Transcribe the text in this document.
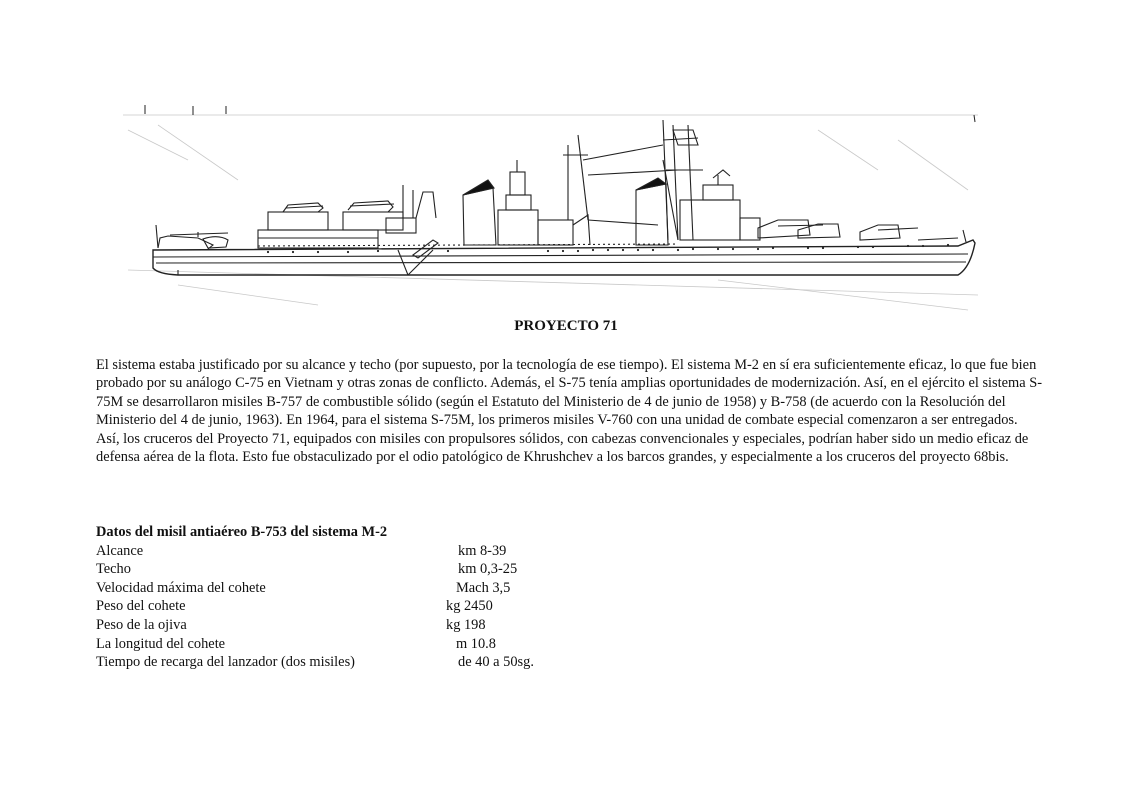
PROYECTO 71

El sistema estaba justificado por su alcance y techo (por supuesto, por la tecnología de ese tiempo). El sistema M-2 en sí era suficientemente eficaz, lo que fue bien probado por su análogo C-75 en Vietnam y otras zonas de conflicto. Además, el S-75 tenía amplias oportunidades de modernización. Así, en el ejército el sistema S-75M se desarrollaron misiles B-757 de combustible sólido (según el Estatuto del Ministerio de 4 de junio de 1958) y B-758 (de acuerdo con la Resolución del Ministerio del 4 de junio, 1963). En 1964, para el sistema S-75M, los primeros misiles V-760 con una unidad de combate especial comenzaron a ser entregados.

Así, los cruceros del Proyecto 71, equipados con misiles con propulsores sólidos, con cabezas convencionales y especiales, podrían haber sido un medio eficaz de defensa aérea de la flota. Esto fue obstaculizado por el odio patológico de Khrushchev a los barcos grandes, y especialmente a los cruceros del proyecto 68bis.

Datos del misil antiaéreo B-753 del sistema M-2
Alcance	km 8-39
Techo	km 0,3-25
Velocidad máxima del cohete	Mach 3,5
Peso del cohete	kg 2450
Peso de la ojiva	kg 198
La longitud del cohete	m 10.8
Tiempo de recarga del lanzador (dos misiles)	de 40 a 50sg.
